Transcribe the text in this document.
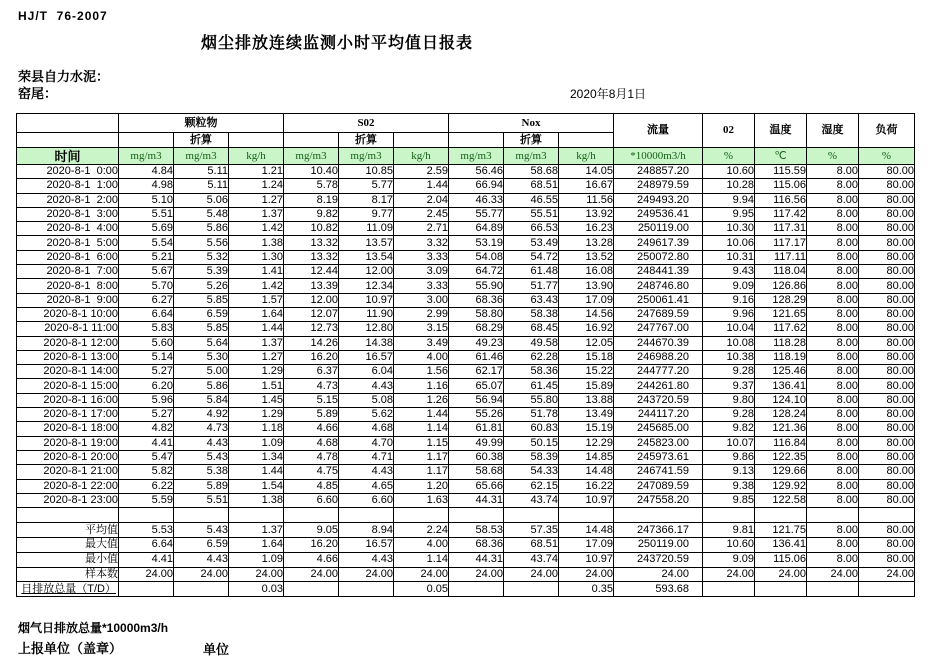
HJ/T  76-2007
烟尘排放连续监测小时平均值日报表
荣县自力水泥：
窑尾：	2020年8月1日
	颗粒物			S02			Nox			流量	02	温度	湿度	负荷
		折算			折算			折算						
时间	mg/m3	mg/m3	kg/h	mg/m3	mg/m3	kg/h	mg/m3	mg/m3	kg/h	*10000m3/h	%	℃	%	%
2020-8-1  0:00	4.84	5.11	1.21	10.40	10.85	2.59	56.46	58.68	14.05	248857.20	10.60	115.59	8.00	80.00
2020-8-1  1:00	4.98	5.11	1.24	5.78	5.77	1.44	66.94	68.51	16.67	248979.59	10.28	115.06	8.00	80.00
2020-8-1  2:00	5.10	5.06	1.27	8.19	8.17	2.04	46.33	46.55	11.56	249493.20	9.94	116.56	8.00	80.00
2020-8-1  3:00	5.51	5.48	1.37	9.82	9.77	2.45	55.77	55.51	13.92	249536.41	9.95	117.42	8.00	80.00
2020-8-1  4:00	5.69	5.86	1.42	10.82	11.09	2.71	64.89	66.53	16.23	250119.00	10.30	117.31	8.00	80.00
2020-8-1  5:00	5.54	5.56	1.38	13.32	13.57	3.32	53.19	53.49	13.28	249617.39	10.06	117.17	8.00	80.00
2020-8-1  6:00	5.21	5.32	1.30	13.32	13.54	3.33	54.08	54.72	13.52	250072.80	10.31	117.11	8.00	80.00
2020-8-1  7:00	5.67	5.39	1.41	12.44	12.00	3.09	64.72	61.48	16.08	248441.39	9.43	118.04	8.00	80.00
2020-8-1  8:00	5.70	5.26	1.42	13.39	12.34	3.33	55.90	51.77	13.90	248746.80	9.09	126.86	8.00	80.00
2020-8-1  9:00	6.27	5.85	1.57	12.00	10.97	3.00	68.36	63.43	17.09	250061.41	9.16	128.29	8.00	80.00
2020-8-1 10:00	6.64	6.59	1.64	12.07	11.90	2.99	58.80	58.38	14.56	247689.59	9.96	121.65	8.00	80.00
2020-8-1 11:00	5.83	5.85	1.44	12.73	12.80	3.15	68.29	68.45	16.92	247767.00	10.04	117.62	8.00	80.00
2020-8-1 12:00	5.60	5.64	1.37	14.26	14.38	3.49	49.23	49.58	12.05	244670.39	10.08	118.28	8.00	80.00
2020-8-1 13:00	5.14	5.30	1.27	16.20	16.57	4.00	61.46	62.28	15.18	246988.20	10.38	118.19	8.00	80.00
2020-8-1 14:00	5.27	5.00	1.29	6.37	6.04	1.56	62.17	58.36	15.22	244777.20	9.28	125.46	8.00	80.00
2020-8-1 15:00	6.20	5.86	1.51	4.73	4.43	1.16	65.07	61.45	15.89	244261.80	9.37	136.41	8.00	80.00
2020-8-1 16:00	5.96	5.84	1.45	5.15	5.08	1.26	56.94	55.80	13.88	243720.59	9.80	124.10	8.00	80.00
2020-8-1 17:00	5.27	4.92	1.29	5.89	5.62	1.44	55.26	51.78	13.49	244117.20	9.28	128.24	8.00	80.00
2020-8-1 18:00	4.82	4.73	1.18	4.66	4.68	1.14	61.81	60.83	15.19	245685.00	9.82	121.36	8.00	80.00
2020-8-1 19:00	4.41	4.43	1.09	4.68	4.70	1.15	49.99	50.15	12.29	245823.00	10.07	116.84	8.00	80.00
2020-8-1 20:00	5.47	5.43	1.34	4.78	4.71	1.17	60.38	58.39	14.85	245973.61	9.86	122.35	8.00	80.00
2020-8-1 21:00	5.82	5.38	1.44	4.75	4.43	1.17	58.68	54.33	14.48	246741.59	9.13	129.66	8.00	80.00
2020-8-1 22:00	6.22	5.89	1.54	4.85	4.65	1.20	65.66	62.15	16.22	247089.59	9.38	129.92	8.00	80.00
2020-8-1 23:00	5.59	5.51	1.38	6.60	6.60	1.63	44.31	43.74	10.97	247558.20	9.85	122.58	8.00	80.00

平均值	5.53	5.43	1.37	9.05	8.94	2.24	58.53	57.35	14.48	247366.17	9.81	121.75	8.00	80.00
最大值	6.64	6.59	1.64	16.20	16.57	4.00	68.36	68.51	17.09	250119.00	10.60	136.41	8.00	80.00
最小值	4.41	4.43	1.09	4.66	4.43	1.14	44.31	43.74	10.97	243720.59	9.09	115.06	8.00	80.00
样本数	24.00	24.00	24.00	24.00	24.00	24.00	24.00	24.00	24.00	24.00	24.00	24.00	24.00	24.00

日排放总量（T/D）			0.03			0.05			0.35	593.68				
烟气日排放总量*10000m3/h
上报单位（盖章）	单位
